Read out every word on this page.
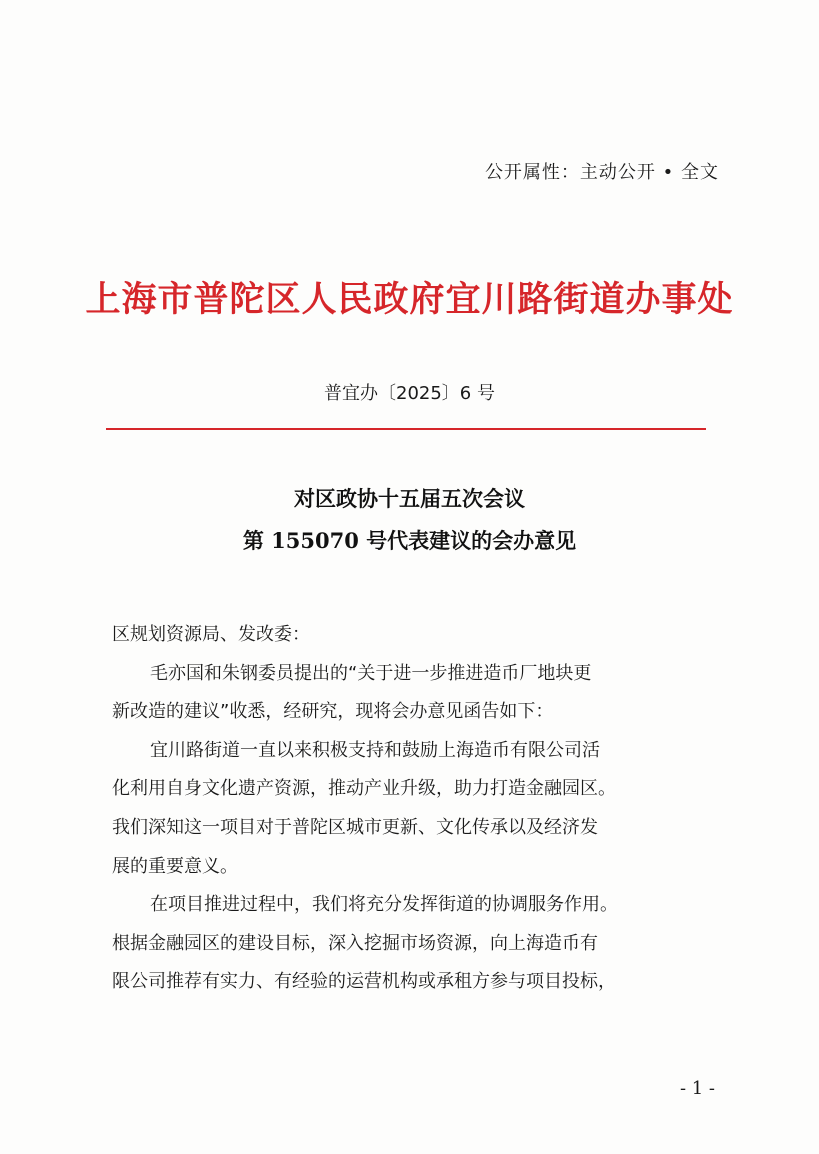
公开属性：主动公开 • 全文
上海市普陀区人民政府宜川路街道办事处
普宜办〔2025〕6 号
对区政协十五届五次会议
第 155070 号代表建议的会办意见
区规划资源局、发改委：
毛亦国和朱钢委员提出的“关于进一步推进造币厂地块更
新改造的建议”收悉，经研究，现将会办意见函告如下：
宜川路街道一直以来积极支持和鼓励上海造币有限公司活
化利用自身文化遗产资源，推动产业升级，助力打造金融园区。
我们深知这一项目对于普陀区城市更新、文化传承以及经济发
展的重要意义。
在项目推进过程中，我们将充分发挥街道的协调服务作用。
根据金融园区的建设目标，深入挖掘市场资源，向上海造币有
限公司推荐有实力、有经验的运营机构或承租方参与项目投标，
- 1 -
